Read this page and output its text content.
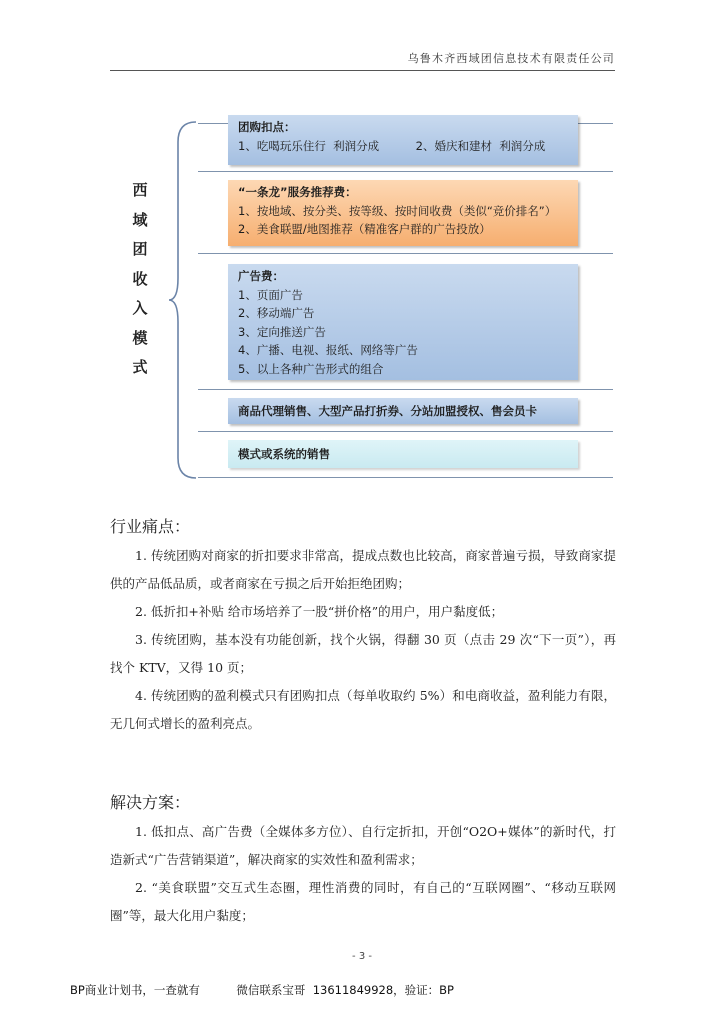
乌鲁木齐西域团信息技术有限责任公司
西
域
团
收
入
模
式
团购扣点：
1、吃喝玩乐住行  利润分成          2、婚庆和建材  利润分成
“一条龙”服务推荐费：
1、按地域、按分类、按等级、按时间收费（类似“竞价排名”）
2、美食联盟/地图推荐（精准客户群的广告投放）
广告费：
1、页面广告
2、移动端广告
3、定向推送广告
4、广播、电视、报纸、网络等广告
5、以上各种广告形式的组合
商品代理销售、大型产品打折券、分站加盟授权、售会员卡
模式或系统的销售
行业痛点：
1. 传统团购对商家的折扣要求非常高，提成点数也比较高，商家普遍亏损，导致商家提供的产品低品质，或者商家在亏损之后开始拒绝团购；
2. 低折扣+补贴 给市场培养了一股“拼价格”的用户，用户黏度低；
3. 传统团购，基本没有功能创新，找个火锅，得翻 30 页（点击 29 次“下一页”），再找个 KTV，又得 10 页；
4. 传统团购的盈利模式只有团购扣点（每单收取约 5%）和电商收益，盈利能力有限，无几何式增长的盈利亮点。
解决方案：
1. 低扣点、高广告费（全媒体多方位）、自行定折扣，开创“O2O+媒体”的新时代，打造新式“广告营销渠道”，解决商家的实效性和盈利需求；
2. “美食联盟”交互式生态圈，理性消费的同时，有自己的“互联网圈”、“移动互联网圈”等，最大化用户黏度；
- 3 -
BP商业计划书，一查就有          微信联系宝哥  13611849928，验证：BP
